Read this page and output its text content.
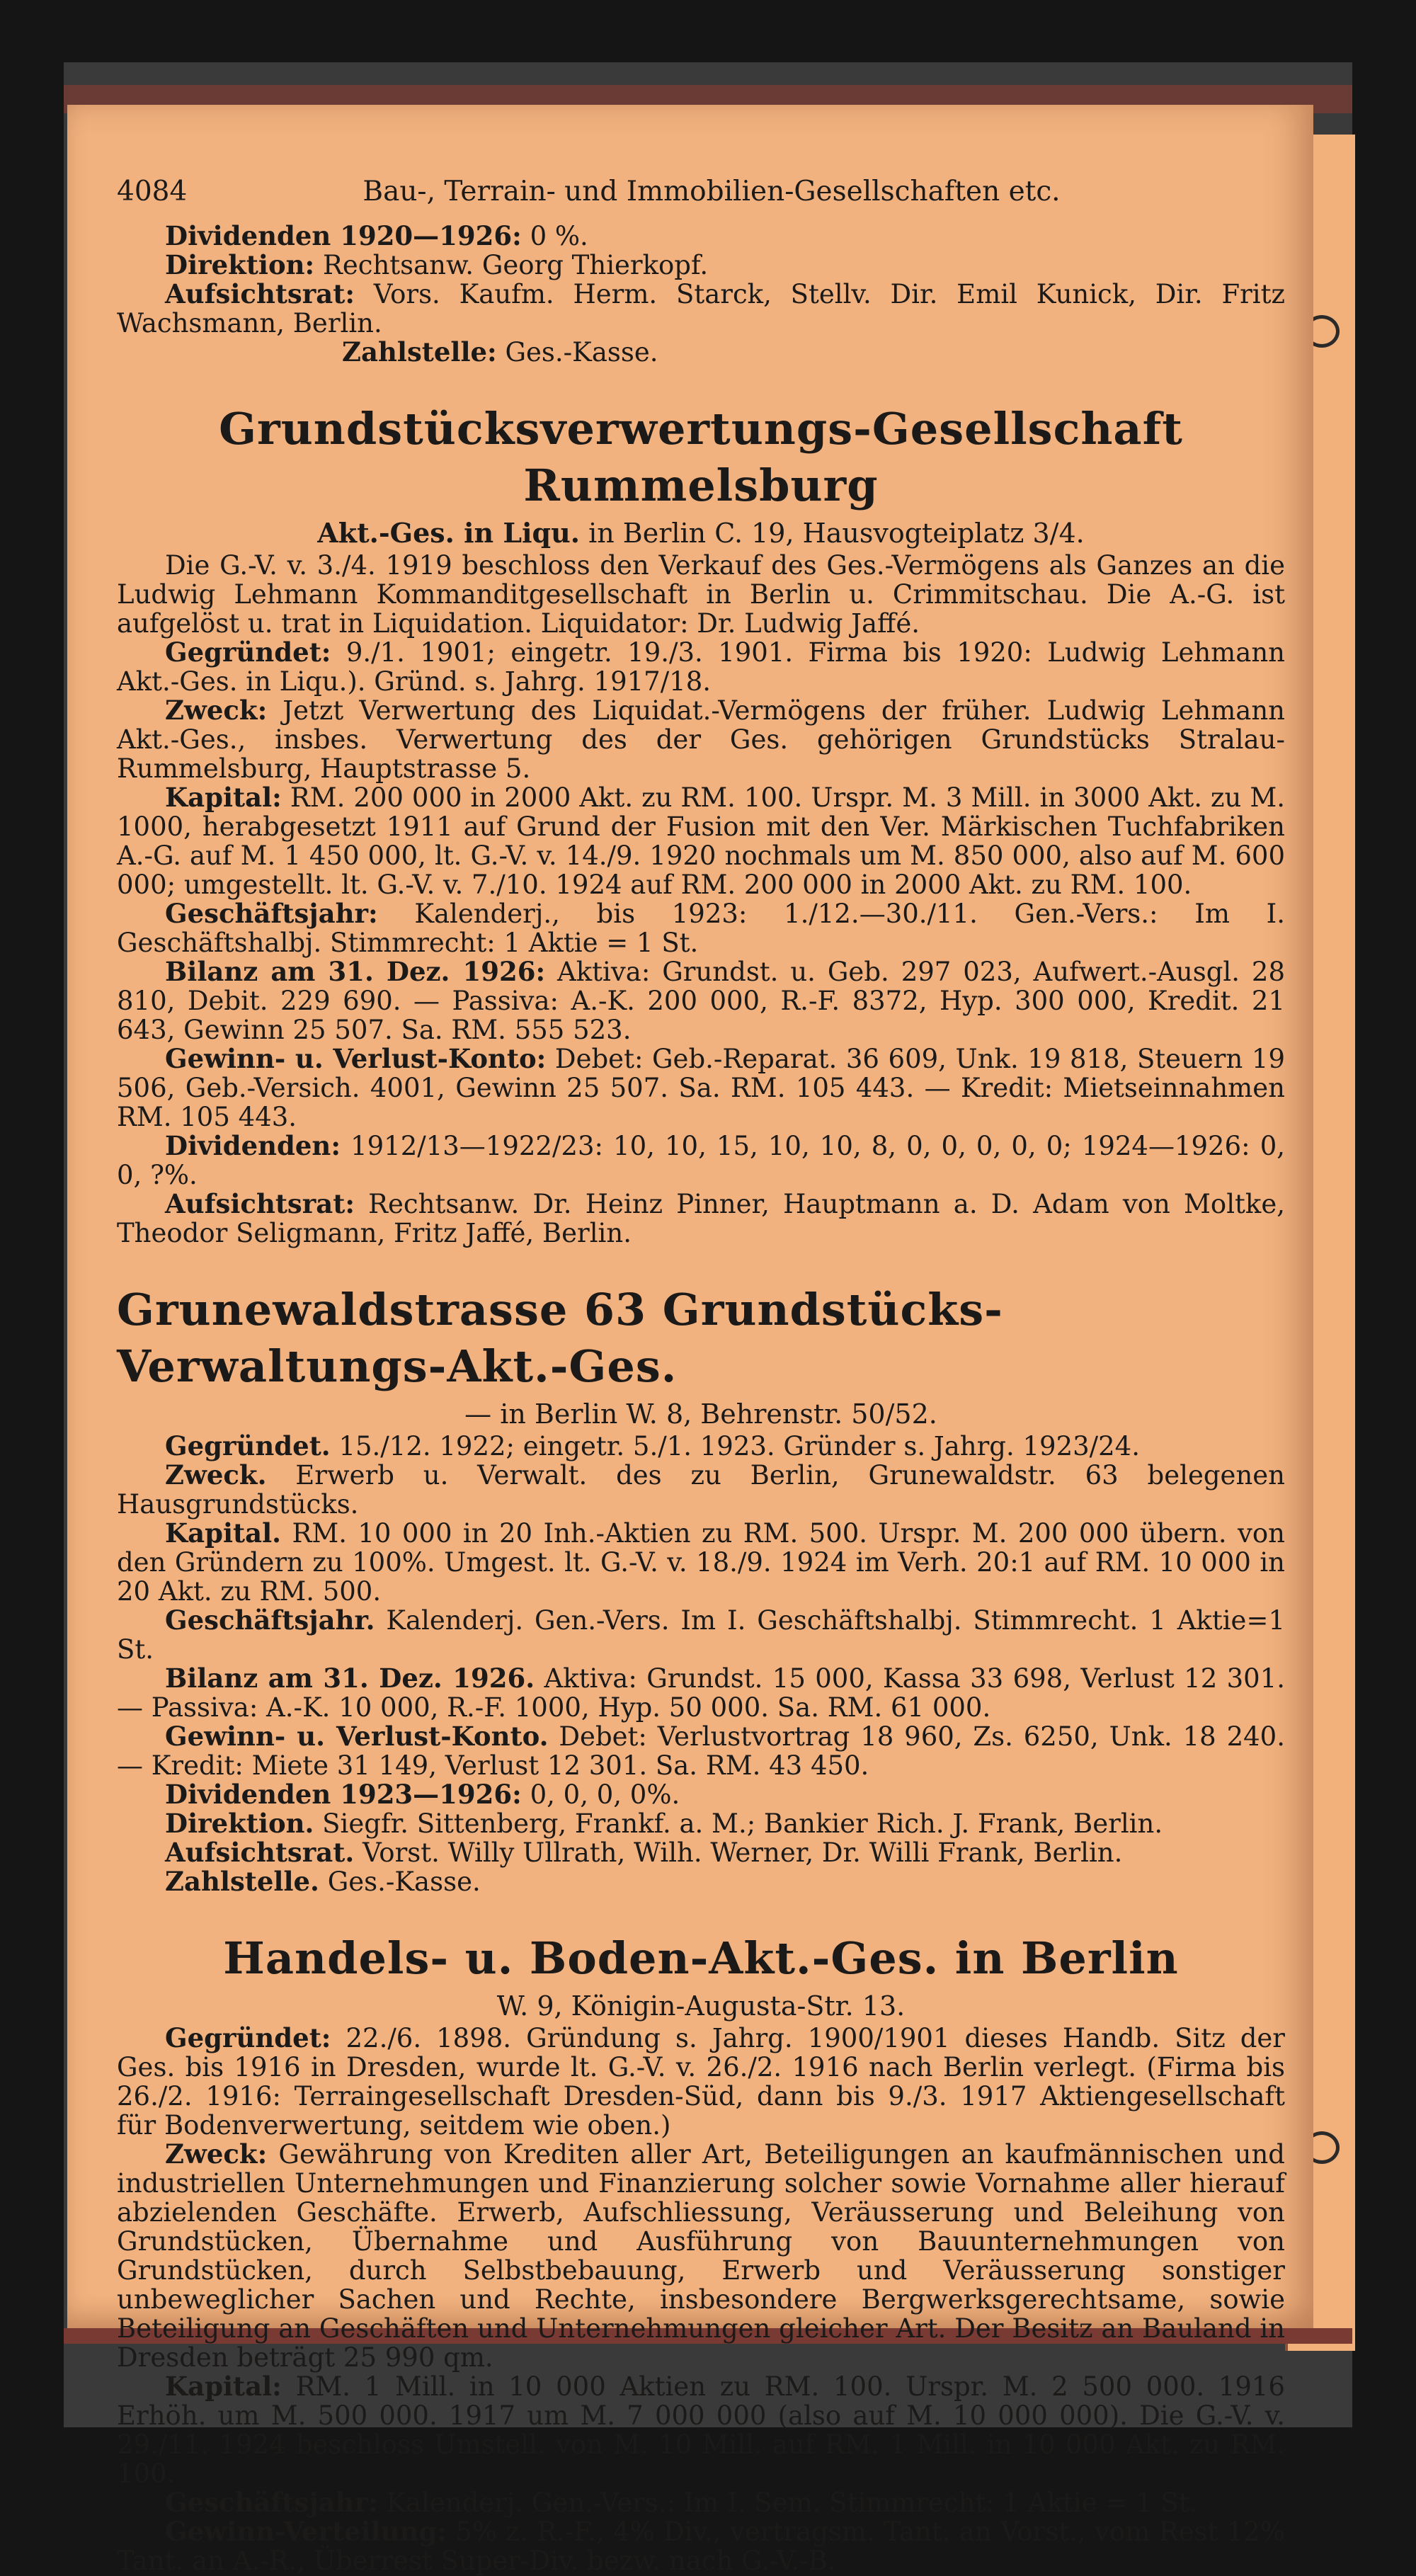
4084	Bau-, Terrain- und Immobilien-Gesellschaften etc.

Dividenden 1920—1926: 0 %.

Direktion: Rechtsanw. Georg Thierkopf.

Aufsichtsrat: Vors. Kaufm. Herm. Starck, Stellv. Dir. Emil Kunick, Dir. Fritz Wachsmann, Berlin.

Zahlstelle: Ges.-Kasse.

Grundstücksverwertungs-Gesellschaft Rummelsburg
Akt.-Ges. in Liqu. in Berlin C. 19, Hausvogteiplatz 3/4.

Die G.-V. v. 3./4. 1919 beschloss den Verkauf des Ges.-Vermögens als Ganzes an die Ludwig Lehmann Kommanditgesellschaft in Berlin u. Crimmitschau. Die A.-G. ist aufgelöst u. trat in Liquidation. Liquidator: Dr. Ludwig Jaffé.

Gegründet: 9./1. 1901; eingetr. 19./3. 1901. Firma bis 1920: Ludwig Lehmann Akt.-Ges. in Liqu.). Gründ. s. Jahrg. 1917/18.

Zweck: Jetzt Verwertung des Liquidat.-Vermögens der früher. Ludwig Lehmann Akt.-Ges., insbes. Verwertung des der Ges. gehörigen Grundstücks Stralau-Rummelsburg, Hauptstrasse 5.

Kapital: RM. 200 000 in 2000 Akt. zu RM. 100. Urspr. M. 3 Mill. in 3000 Akt. zu M. 1000, herabgesetzt 1911 auf Grund der Fusion mit den Ver. Märkischen Tuchfabriken A.-G. auf M. 1 450 000, lt. G.-V. v. 14./9. 1920 nochmals um M. 850 000, also auf M. 600 000; umgestellt. lt. G.-V. v. 7./10. 1924 auf RM. 200 000 in 2000 Akt. zu RM. 100.

Geschäftsjahr: Kalenderj., bis 1923: 1./12.—30./11. Gen.-Vers.: Im I. Geschäftshalbj. Stimmrecht: 1 Aktie = 1 St.

Bilanz am 31. Dez. 1926: Aktiva: Grundst. u. Geb. 297 023, Aufwert.-Ausgl. 28 810, Debit. 229 690. — Passiva: A.-K. 200 000, R.-F. 8372, Hyp. 300 000, Kredit. 21 643, Gewinn 25 507. Sa. RM. 555 523.

Gewinn- u. Verlust-Konto: Debet: Geb.-Reparat. 36 609, Unk. 19 818, Steuern 19 506, Geb.-Versich. 4001, Gewinn 25 507. Sa. RM. 105 443. — Kredit: Mietseinnahmen RM. 105 443.

Dividenden: 1912/13—1922/23: 10, 10, 15, 10, 10, 8, 0, 0, 0, 0, 0; 1924—1926: 0, 0, ?%.

Aufsichtsrat: Rechtsanw. Dr. Heinz Pinner, Hauptmann a. D. Adam von Moltke, Theodor Seligmann, Fritz Jaffé, Berlin.

Grunewaldstrasse 63 Grundstücks-Verwaltungs-Akt.-Ges.
— in Berlin W. 8, Behrenstr. 50/52.

Gegründet. 15./12. 1922; eingetr. 5./1. 1923. Gründer s. Jahrg. 1923/24.

Zweck. Erwerb u. Verwalt. des zu Berlin, Grunewaldstr. 63 belegenen Hausgrundstücks.

Kapital. RM. 10 000 in 20 Inh.-Aktien zu RM. 500. Urspr. M. 200 000 übern. von den Gründern zu 100%. Umgest. lt. G.-V. v. 18./9. 1924 im Verh. 20:1 auf RM. 10 000 in 20 Akt. zu RM. 500.

Geschäftsjahr. Kalenderj. Gen.-Vers. Im I. Geschäftshalbj. Stimmrecht. 1 Aktie=1 St.

Bilanz am 31. Dez. 1926. Aktiva: Grundst. 15 000, Kassa 33 698, Verlust 12 301. — Passiva: A.-K. 10 000, R.-F. 1000, Hyp. 50 000. Sa. RM. 61 000.

Gewinn- u. Verlust-Konto. Debet: Verlustvortrag 18 960, Zs. 6250, Unk. 18 240. — Kredit: Miete 31 149, Verlust 12 301. Sa. RM. 43 450.

Dividenden 1923—1926: 0, 0, 0, 0%.

Direktion. Siegfr. Sittenberg, Frankf. a. M.; Bankier Rich. J. Frank, Berlin.

Aufsichtsrat. Vorst. Willy Ullrath, Wilh. Werner, Dr. Willi Frank, Berlin.

Zahlstelle. Ges.-Kasse.

Handels- u. Boden-Akt.-Ges. in Berlin
W. 9, Königin-Augusta-Str. 13.

Gegründet: 22./6. 1898. Gründung s. Jahrg. 1900/1901 dieses Handb. Sitz der Ges. bis 1916 in Dresden, wurde lt. G.-V. v. 26./2. 1916 nach Berlin verlegt. (Firma bis 26./2. 1916: Terraingesellschaft Dresden-Süd, dann bis 9./3. 1917 Aktiengesellschaft für Bodenverwertung, seitdem wie oben.)

Zweck: Gewährung von Krediten aller Art, Beteiligungen an kaufmännischen und industriellen Unternehmungen und Finanzierung solcher sowie Vornahme aller hierauf abzielenden Geschäfte. Erwerb, Aufschliessung, Veräusserung und Beleihung von Grundstücken, Übernahme und Ausführung von Bauunternehmungen von Grundstücken, durch Selbstbebauung, Erwerb und Veräusserung sonstiger unbeweglicher Sachen und Rechte, insbesondere Bergwerksgerechtsame, sowie Beteiligung an Geschäften und Unternehmungen gleicher Art. Der Besitz an Bauland in Dresden beträgt 25 990 qm.

Kapital: RM. 1 Mill. in 10 000 Aktien zu RM. 100. Urspr. M. 2 500 000. 1916 Erhöh. um M. 500 000. 1917 um M. 7 000 000 (also auf M. 10 000 000). Die G.-V. v. 29./11. 1924 beschloss Umstell. von M. 10 Mill. auf RM. 1 Mill. in 10 000 Akt. zu RM. 100.

Geschäftsjahr: Kalenderj. Gen.-Vers.: Im I. Sem. Stimmrecht: 1 Aktie = 1 St.

Gewinn-Verteilung: 5% z. R.-F., 4% Div., vertragsm. Tant. an Vorst., vom Rest 12% Tant. an A.-R., Überrest Super-Div. bezw. nach G.-V.-B.
